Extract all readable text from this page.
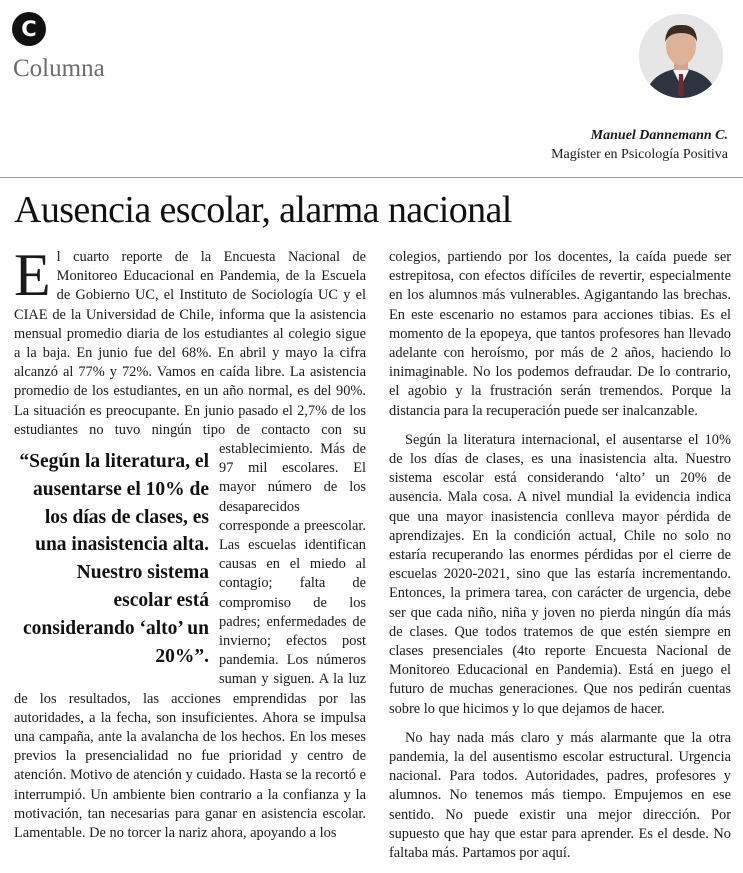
C
Columna
Manuel Dannemann C.
Magíster en Psicología Positiva
Ausencia escolar, alarma nacional

El cuarto reporte de la Encuesta Nacional de Monitoreo Educacional en Pandemia, de la Escuela de Gobierno UC, el Instituto de Sociología UC y el CIAE de la Universidad de Chile, informa que la asistencia mensual promedio diaria de los estudiantes al colegio sigue a la baja. En junio fue del 68%. En abril y mayo la cifra alcanzó al 77% y 72%. Vamos en caída libre. La asistencia promedio de los estudiantes, en un año normal, es del 90%. La situación es preocupante. En junio pasado el 2,7% de los estudiantes no tuvo ningún tipo de
“Según la literatura, el ausentarse el 10% de los días de clases, es una inasistencia alta. Nuestro sistema escolar está considerando ‘alto’ un 20%”.
contacto con su establecimiento. Más de 97 mil escolares. El mayor número de los desaparecidos corresponde a preescolar. Las escuelas identifican causas en el miedo al contagio; falta de compromiso de los padres; enfermedades de invierno; efectos post pandemia. Los números suman y siguen. A la luz de los resultados, las acciones emprendidas por las autoridades, a la fecha, son insuficientes. Ahora se impulsa una campaña, ante la avalancha de los hechos. En los meses previos la presencialidad no fue prioridad y centro de atención. Motivo de atención y cuidado. Hasta se la recortó e interrumpió. Un ambiente bien contrario a la confianza y la motivación, tan necesarias para ganar en asistencia escolar. Lamentable. De no torcer la nariz ahora, apoyando a los

colegios, partiendo por los docentes, la caída puede ser estrepitosa, con efectos difíciles de revertir, especialmente en los alumnos más vulnerables. Agigantando las brechas. En este escenario no estamos para acciones tibias. Es el momento de la epopeya, que tantos profesores han llevado adelante con heroísmo, por más de 2 años, haciendo lo inimaginable. No los podemos defraudar. De lo contrario, el agobio y la frustración serán tremendos. Porque la distancia para la recuperación puede ser inalcanzable.

Según la literatura internacional, el ausentarse el 10% de los días de clases, es una inasistencia alta. Nuestro sistema escolar está considerando ‘alto’ un 20% de ausencia. Mala cosa. A nivel mundial la evidencia indica que una mayor inasistencia conlleva mayor pérdida de aprendizajes. En la condición actual, Chile no solo no estaría recuperando las enormes pérdidas por el cierre de escuelas 2020-2021, sino que las estaría incrementando. Entonces, la primera tarea, con carácter de urgencia, debe ser que cada niño, niña y joven no pierda ningún día más de clases. Que todos tratemos de que estén siempre en clases presenciales (4to reporte Encuesta Nacional de Monitoreo Educacional en Pandemia). Está en juego el futuro de muchas generaciones. Que nos pedirán cuentas sobre lo que hicimos y lo que dejamos de hacer.

No hay nada más claro y más alarmante que la otra pandemia, la del ausentismo escolar estructural. Urgencia nacional. Para todos. Autoridades, padres, profesores y alumnos. No tenemos más tiempo. Empujemos en ese sentido. No puede existir una mejor dirección. Por supuesto que hay que estar para aprender. Es el desde. No faltaba más. Partamos por aquí.
